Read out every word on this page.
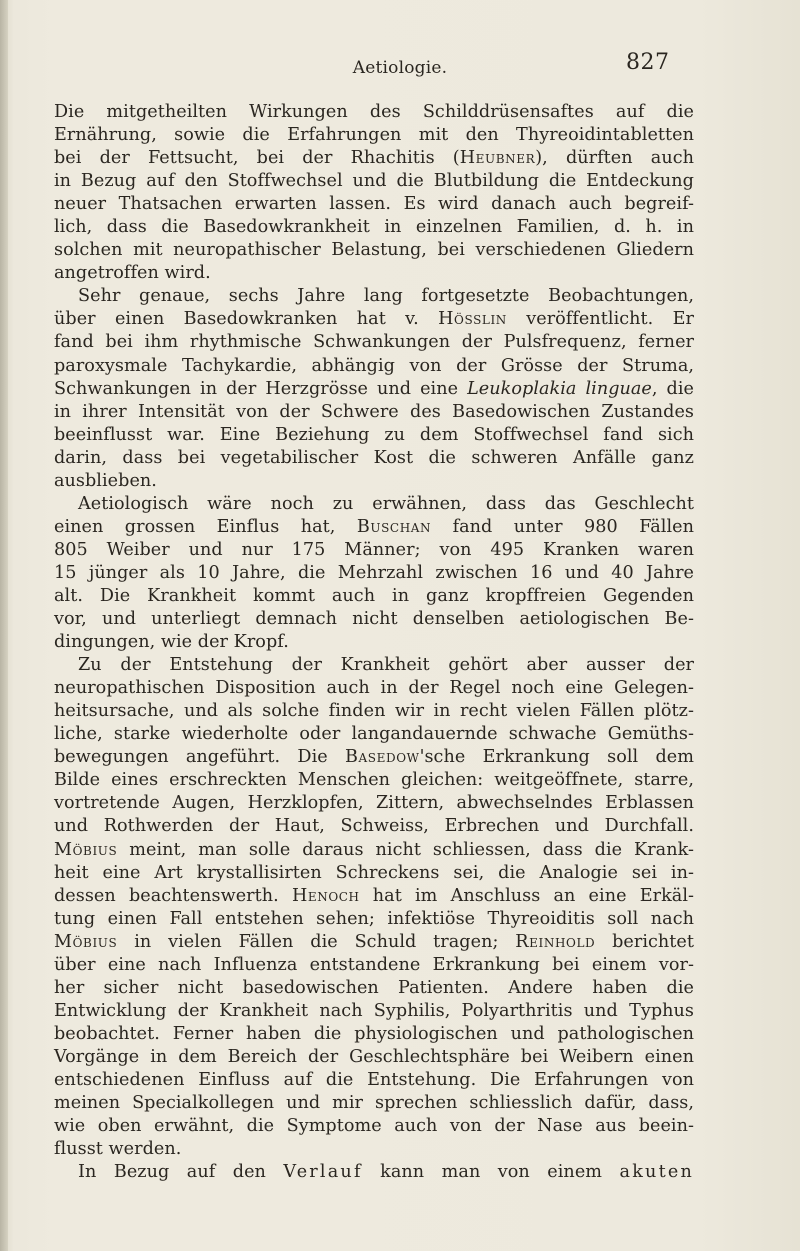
Aetiologie.	827
Die mitgetheilten Wirkungen des Schilddrüsensaftes auf die
Ernährung, sowie die Erfahrungen mit den Thyreoidintabletten
bei der Fettsucht, bei der Rhachitis (Heubner), dürften auch
in Bezug auf den Stoffwechsel und die Blutbildung die Entdeckung
neuer Thatsachen erwarten lassen. Es wird danach auch begreif-
lich, dass die Basedowkrankheit in einzelnen Familien, d. h. in
solchen mit neuropathischer Belastung, bei verschiedenen Gliedern
angetroffen wird.
Sehr genaue, sechs Jahre lang fortgesetzte Beobachtungen,
über einen Basedowkranken hat v. Hösslin veröffentlicht. Er
fand bei ihm rhythmische Schwankungen der Pulsfrequenz, ferner
paroxysmale Tachykardie, abhängig von der Grösse der Struma,
Schwankungen in der Herzgrösse und eine Leukoplakia linguae, die
in ihrer Intensität von der Schwere des Basedowischen Zustandes
beeinflusst war. Eine Beziehung zu dem Stoffwechsel fand sich
darin, dass bei vegetabilischer Kost die schweren Anfälle ganz
ausblieben.
Aetiologisch wäre noch zu erwähnen, dass das Geschlecht
einen grossen Einflus hat, Buschan fand unter 980 Fällen
805 Weiber und nur 175 Männer; von 495 Kranken waren
15 jünger als 10 Jahre, die Mehrzahl zwischen 16 und 40 Jahre
alt. Die Krankheit kommt auch in ganz kropffreien Gegenden
vor, und unterliegt demnach nicht denselben aetiologischen Be-
dingungen, wie der Kropf.
Zu der Entstehung der Krankheit gehört aber ausser der
neuropathischen Disposition auch in der Regel noch eine Gelegen-
heitsursache, und als solche finden wir in recht vielen Fällen plötz-
liche, starke wiederholte oder langandauernde schwache Gemüths-
bewegungen angeführt. Die Basedow'sche Erkrankung soll dem
Bilde eines erschreckten Menschen gleichen: weitgeöffnete, starre,
vortretende Augen, Herzklopfen, Zittern, abwechselndes Erblassen
und Rothwerden der Haut, Schweiss, Erbrechen und Durchfall.
Möbius meint, man solle daraus nicht schliessen, dass die Krank-
heit eine Art krystallisirten Schreckens sei, die Analogie sei in-
dessen beachtenswerth. Henoch hat im Anschluss an eine Erkäl-
tung einen Fall entstehen sehen; infektiöse Thyreoiditis soll nach
Möbius in vielen Fällen die Schuld tragen; Reinhold berichtet
über eine nach Influenza entstandene Erkrankung bei einem vor-
her sicher nicht basedowischen Patienten. Andere haben die
Entwicklung der Krankheit nach Syphilis, Polyarthritis und Typhus
beobachtet. Ferner haben die physiologischen und pathologischen
Vorgänge in dem Bereich der Geschlechtsphäre bei Weibern einen
entschiedenen Einfluss auf die Entstehung. Die Erfahrungen von
meinen Specialkollegen und mir sprechen schliesslich dafür, dass,
wie oben erwähnt, die Symptome auch von der Nase aus beein-
flusst werden.
In Bezug auf den Verlauf kann man von einem akuten
